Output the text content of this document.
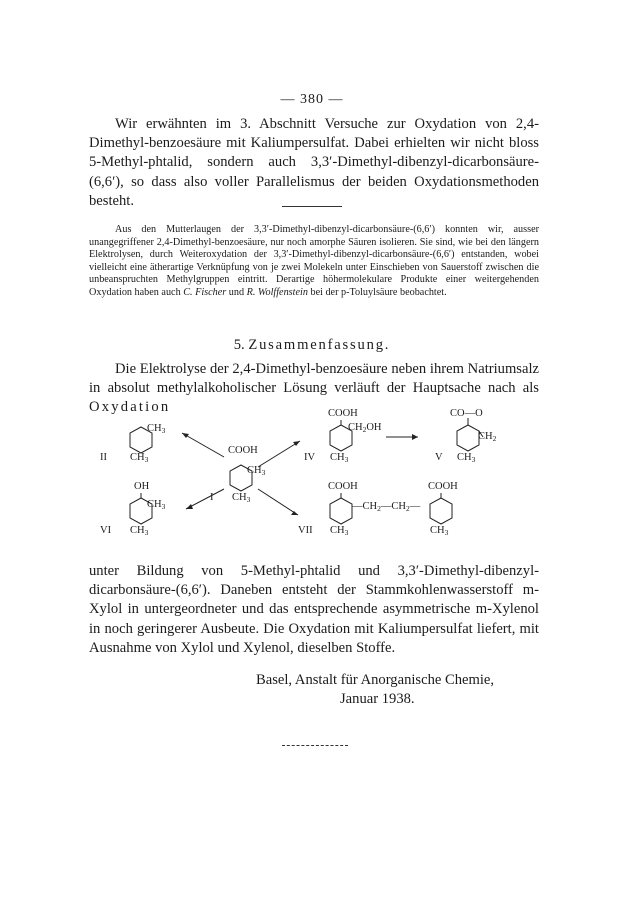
— 380 —

Wir erwähnten im 3. Abschnitt Versuche zur Oxydation von 2,4-Dimethyl-benzoesäure mit Kaliumpersulfat. Dabei erhielten wir nicht bloss 5-Methyl-phtalid, sondern auch 3,3′-Dimethyl-dibenzyl-dicarbonsäure-(6,6′), so dass also voller Parallelismus der beiden Oxydationsmethoden besteht.

Aus den Mutterlaugen der 3,3′-Dimethyl-dibenzyl-dicarbonsäure-(6,6′) konnten wir, ausser unangegriffener 2,4-Dimethyl-benzoesäure, nur noch amorphe Säuren isolieren. Sie sind, wie bei den längern Elektrolysen, durch Weiteroxydation der 3,3′-Dimethyl-dibenzyl-dicarbonsäure-(6,6′) entstanden, wobei vielleicht eine ätherartige Verknüpfung von je zwei Molekeln unter Einschieben von Sauerstoff zwischen die unbeanspruchten Methylgruppen eintritt. Derartige höhermolekulare Produkte einer weitergehenden Oxydation haben auch C. Fischer und R. Wolffenstein bei der p-Toluylsäure beobachtet.

5. Zusammenfassung.

Die Elektrolyse der 2,4-Dimethyl-benzoesäure neben ihrem Natriumsalz in absolut methylalkoholischer Lösung verläuft der Hauptsache nach als Oxydation

$CH_3$
II $CH_3$
COOH
$CH_3$
I $CH_3$
COOH
$CH_2OH$
IV $CH_3$
CO—O
$CH_2$
V $CH_3$
OH
$CH_3$
VI $CH_3$
COOH	COOH
$—CH_2—CH_2—$
VII $CH_3$	$CH_3$

unter Bildung von 5-Methyl-phtalid und 3,3′-Dimethyl-dibenzyl-dicarbonsäure-(6,6′). Daneben entsteht der Stammkohlenwasserstoff m-Xylol in untergeordneter und das entsprechende asymmetrische m-Xylenol in noch geringerer Ausbeute. Die Oxydation mit Kaliumpersulfat liefert, mit Ausnahme von Xylol und Xylenol, dieselben Stoffe.

Basel, Anstalt für Anorganische Chemie,
Januar 1938.
